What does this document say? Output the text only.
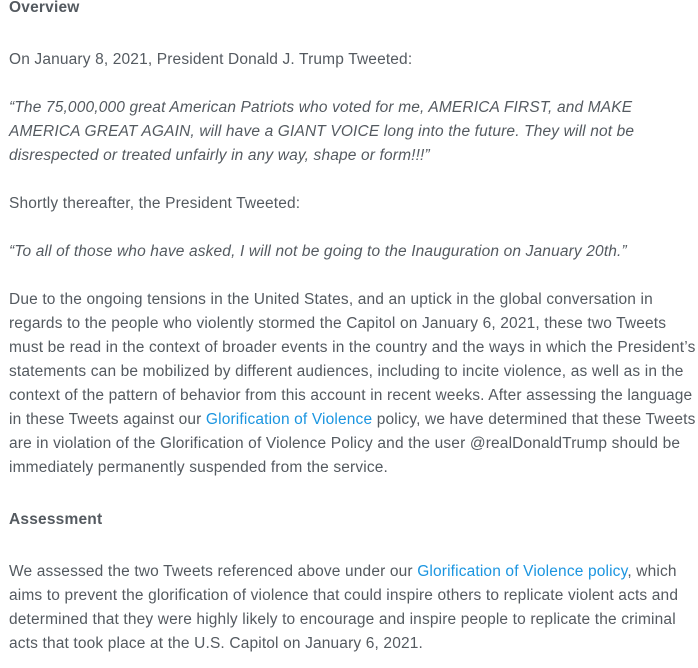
Overview

On January 8, 2021, President Donald J. Trump Tweeted:

“The 75,000,000 great American Patriots who voted for me, AMERICA FIRST, and MAKE AMERICA GREAT AGAIN, will have a GIANT VOICE long into the future. They will not be disrespected or treated unfairly in any way, shape or form!!!”

Shortly thereafter, the President Tweeted:

“To all of those who have asked, I will not be going to the Inauguration on January 20th.”

Due to the ongoing tensions in the United States, and an uptick in the global conversation in regards to the people who violently stormed the Capitol on January 6, 2021, these two Tweets must be read in the context of broader events in the country and the ways in which the President’s statements can be mobilized by different audiences, including to incite violence, as well as in the context of the pattern of behavior from this account in recent weeks. After assessing the language in these Tweets against our Glorification of Violence policy, we have determined that these Tweets are in violation of the Glorification of Violence Policy and the user @realDonaldTrump should be immediately permanently suspended from the service.

Assessment

We assessed the two Tweets referenced above under our Glorification of Violence policy, which aims to prevent the glorification of violence that could inspire others to replicate violent acts and determined that they were highly likely to encourage and inspire people to replicate the criminal acts that took place at the U.S. Capitol on January 6, 2021.
